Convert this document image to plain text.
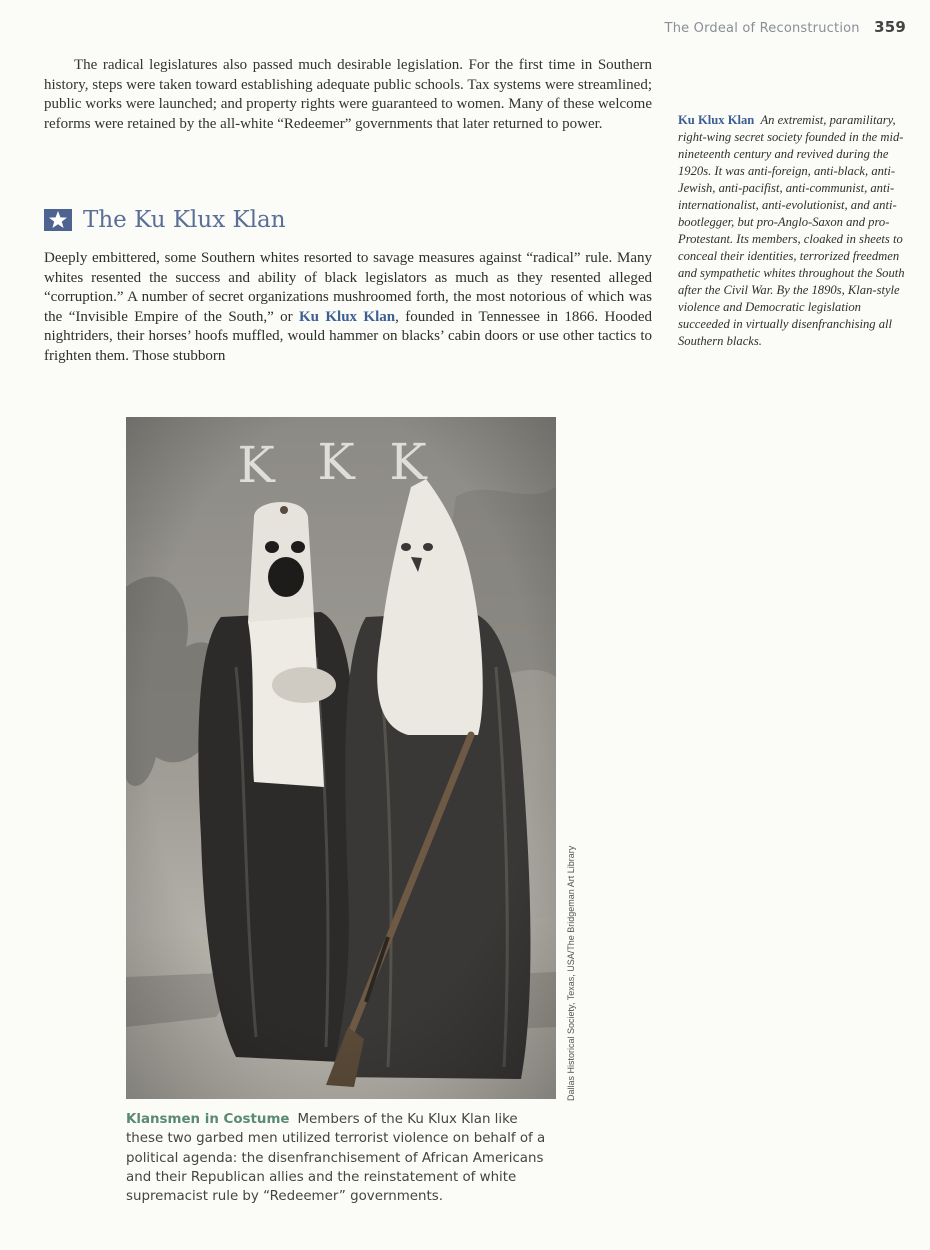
The Ordeal of Reconstruction 359

The radical legislatures also passed much desirable legislation. For the first time in Southern history, steps were taken toward establishing adequate public schools. Tax systems were streamlined; public works were launched; and property rights were guaranteed to women. Many of these welcome reforms were retained by the all-white “Redeemer” governments that later returned to power.

The Ku Klux Klan

Deeply embittered, some Southern whites resorted to savage measures against “radical” rule. Many whites resented the success and ability of black legislators as much as they resented alleged “corruption.” A number of secret organizations mushroomed forth, the most notorious of which was the “Invisible Empire of the South,” or Ku Klux Klan, founded in Tennessee in 1866. Hooded nightriders, their horses’ hoofs muffled, would hammer on blacks’ cabin doors or use other tactics to frighten them. Those stubborn

Ku Klux Klan An extremist, paramilitary, right-wing secret society founded in the mid-nineteenth century and revived during the 1920s. It was anti-foreign, anti-black, anti-Jewish, anti-pacifist, anti-communist, anti-internationalist, anti-evolutionist, and anti-bootlegger, but pro-Anglo-Saxon and pro-Protestant. Its members, cloaked in sheets to conceal their identities, terrorized freedmen and sympathetic whites throughout the South after the Civil War. By the 1890s, Klan-style violence and Democratic legislation succeeded in virtually disenfranchising all Southern blacks.

Dallas Historical Society, Texas, USA/The Bridgeman Art Library

Klansmen in Costume Members of the Ku Klux Klan like these two garbed men utilized terrorist violence on behalf of a political agenda: the disenfranchisement of African Americans and their Republican allies and the reinstatement of white supremacist rule by “Redeemer” governments.
